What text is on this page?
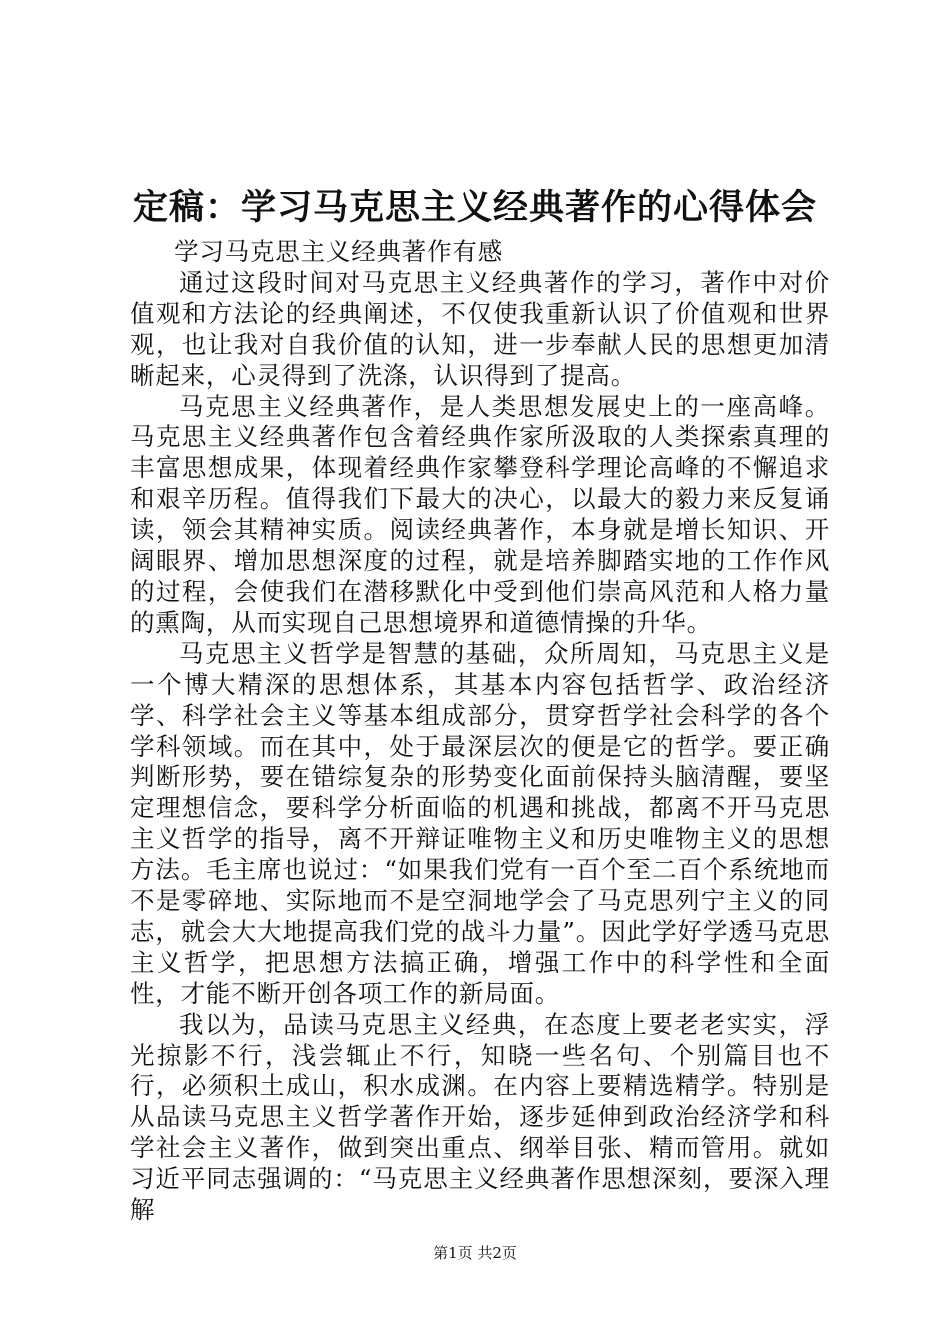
定稿：学习马克思主义经典著作的心得体会

学习马克思主义经典著作有感

通过这段时间对马克思主义经典著作的学习，著作中对价值观和方法论的经典阐述，不仅使我重新认识了价值观和世界观，也让我对自我价值的认知，进一步奉献人民的思想更加清晰起来，心灵得到了洗涤，认识得到了提高。

马克思主义经典著作，是人类思想发展史上的一座高峰。马克思主义经典著作包含着经典作家所汲取的人类探索真理的丰富思想成果，体现着经典作家攀登科学理论高峰的不懈追求和艰辛历程。值得我们下最大的决心，以最大的毅力来反复诵读，领会其精神实质。阅读经典著作，本身就是增长知识、开阔眼界、增加思想深度的过程，就是培养脚踏实地的工作作风的过程，会使我们在潜移默化中受到他们崇高风范和人格力量的熏陶，从而实现自己思想境界和道德情操的升华。

马克思主义哲学是智慧的基础，众所周知，马克思主义是一个博大精深的思想体系，其基本内容包括哲学、政治经济学、科学社会主义等基本组成部分，贯穿哲学社会科学的各个学科领域。而在其中，处于最深层次的便是它的哲学。要正确判断形势，要在错综复杂的形势变化面前保持头脑清醒，要坚定理想信念，要科学分析面临的机遇和挑战，都离不开马克思主义哲学的指导，离不开辩证唯物主义和历史唯物主义的思想方法。毛主席也说过：“如果我们党有一百个至二百个系统地而不是零碎地、实际地而不是空洞地学会了马克思列宁主义的同志，就会大大地提高我们党的战斗力量”。因此学好学透马克思主义哲学，把思想方法搞正确，增强工作中的科学性和全面性，才能不断开创各项工作的新局面。

我以为，品读马克思主义经典，在态度上要老老实实，浮光掠影不行，浅尝辄止不行，知晓一些名句、个别篇目也不行，必须积土成山，积水成渊。在内容上要精选精学。特别是从品读马克思主义哲学著作开始，逐步延伸到政治经济学和科学社会主义著作，做到突出重点、纲举目张、精而管用。就如习近平同志强调的：“马克思主义经典著作思想深刻，要深入理解

第1页 共2页
